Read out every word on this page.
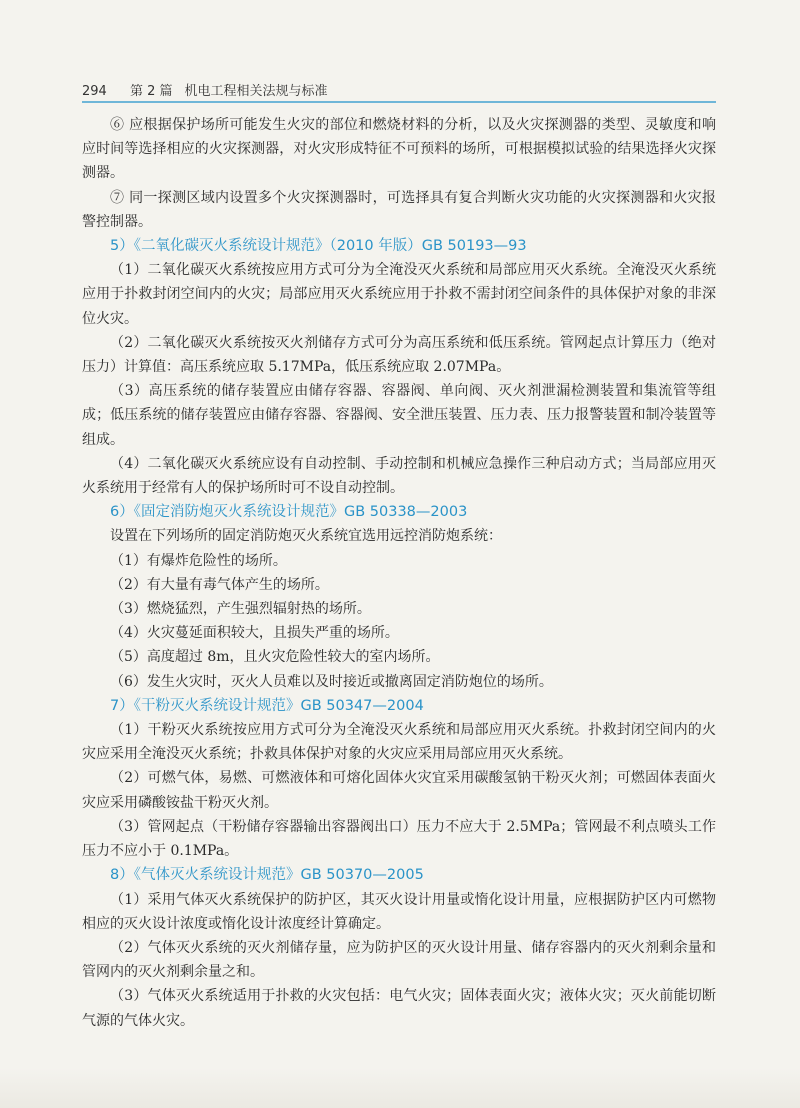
294 第 2 篇 机电工程相关法规与标准

⑥ 应根据保护场所可能发生火灾的部位和燃烧材料的分析，以及火灾探测器的类型、灵敏度和响应时间等选择相应的火灾探测器，对火灾形成特征不可预料的场所，可根据模拟试验的结果选择火灾探测器。

⑦ 同一探测区域内设置多个火灾探测器时，可选择具有复合判断火灾功能的火灾探测器和火灾报警控制器。

5）《二氧化碳灭火系统设计规范》（2010 年版）GB 50193—93

（1）二氧化碳灭火系统按应用方式可分为全淹没灭火系统和局部应用灭火系统。全淹没灭火系统应用于扑救封闭空间内的火灾；局部应用灭火系统应用于扑救不需封闭空间条件的具体保护对象的非深位火灾。

（2）二氧化碳灭火系统按灭火剂储存方式可分为高压系统和低压系统。管网起点计算压力（绝对压力）计算值：高压系统应取 5.17MPa，低压系统应取 2.07MPa。

（3）高压系统的储存装置应由储存容器、容器阀、单向阀、灭火剂泄漏检测装置和集流管等组成；低压系统的储存装置应由储存容器、容器阀、安全泄压装置、压力表、压力报警装置和制冷装置等组成。

（4）二氧化碳灭火系统应设有自动控制、手动控制和机械应急操作三种启动方式；当局部应用灭火系统用于经常有人的保护场所时可不设自动控制。

6）《固定消防炮灭火系统设计规范》GB 50338—2003

设置在下列场所的固定消防炮灭火系统宜选用远控消防炮系统：

（1）有爆炸危险性的场所。

（2）有大量有毒气体产生的场所。

（3）燃烧猛烈，产生强烈辐射热的场所。

（4）火灾蔓延面积较大，且损失严重的场所。

（5）高度超过 8m，且火灾危险性较大的室内场所。

（6）发生火灾时，灭火人员难以及时接近或撤离固定消防炮位的场所。

7）《干粉灭火系统设计规范》GB 50347—2004

（1）干粉灭火系统按应用方式可分为全淹没灭火系统和局部应用灭火系统。扑救封闭空间内的火灾应采用全淹没灭火系统；扑救具体保护对象的火灾应采用局部应用灭火系统。

（2）可燃气体，易燃、可燃液体和可熔化固体火灾宜采用碳酸氢钠干粉灭火剂；可燃固体表面火灾应采用磷酸铵盐干粉灭火剂。

（3）管网起点（干粉储存容器输出容器阀出口）压力不应大于 2.5MPa；管网最不利点喷头工作压力不应小于 0.1MPa。

8）《气体灭火系统设计规范》GB 50370—2005

（1）采用气体灭火系统保护的防护区，其灭火设计用量或惰化设计用量，应根据防护区内可燃物相应的灭火设计浓度或惰化设计浓度经计算确定。

（2）气体灭火系统的灭火剂储存量，应为防护区的灭火设计用量、储存容器内的灭火剂剩余量和管网内的灭火剂剩余量之和。

（3）气体灭火系统适用于扑救的火灾包括：电气火灾；固体表面火灾；液体火灾；灭火前能切断气源的气体火灾。
